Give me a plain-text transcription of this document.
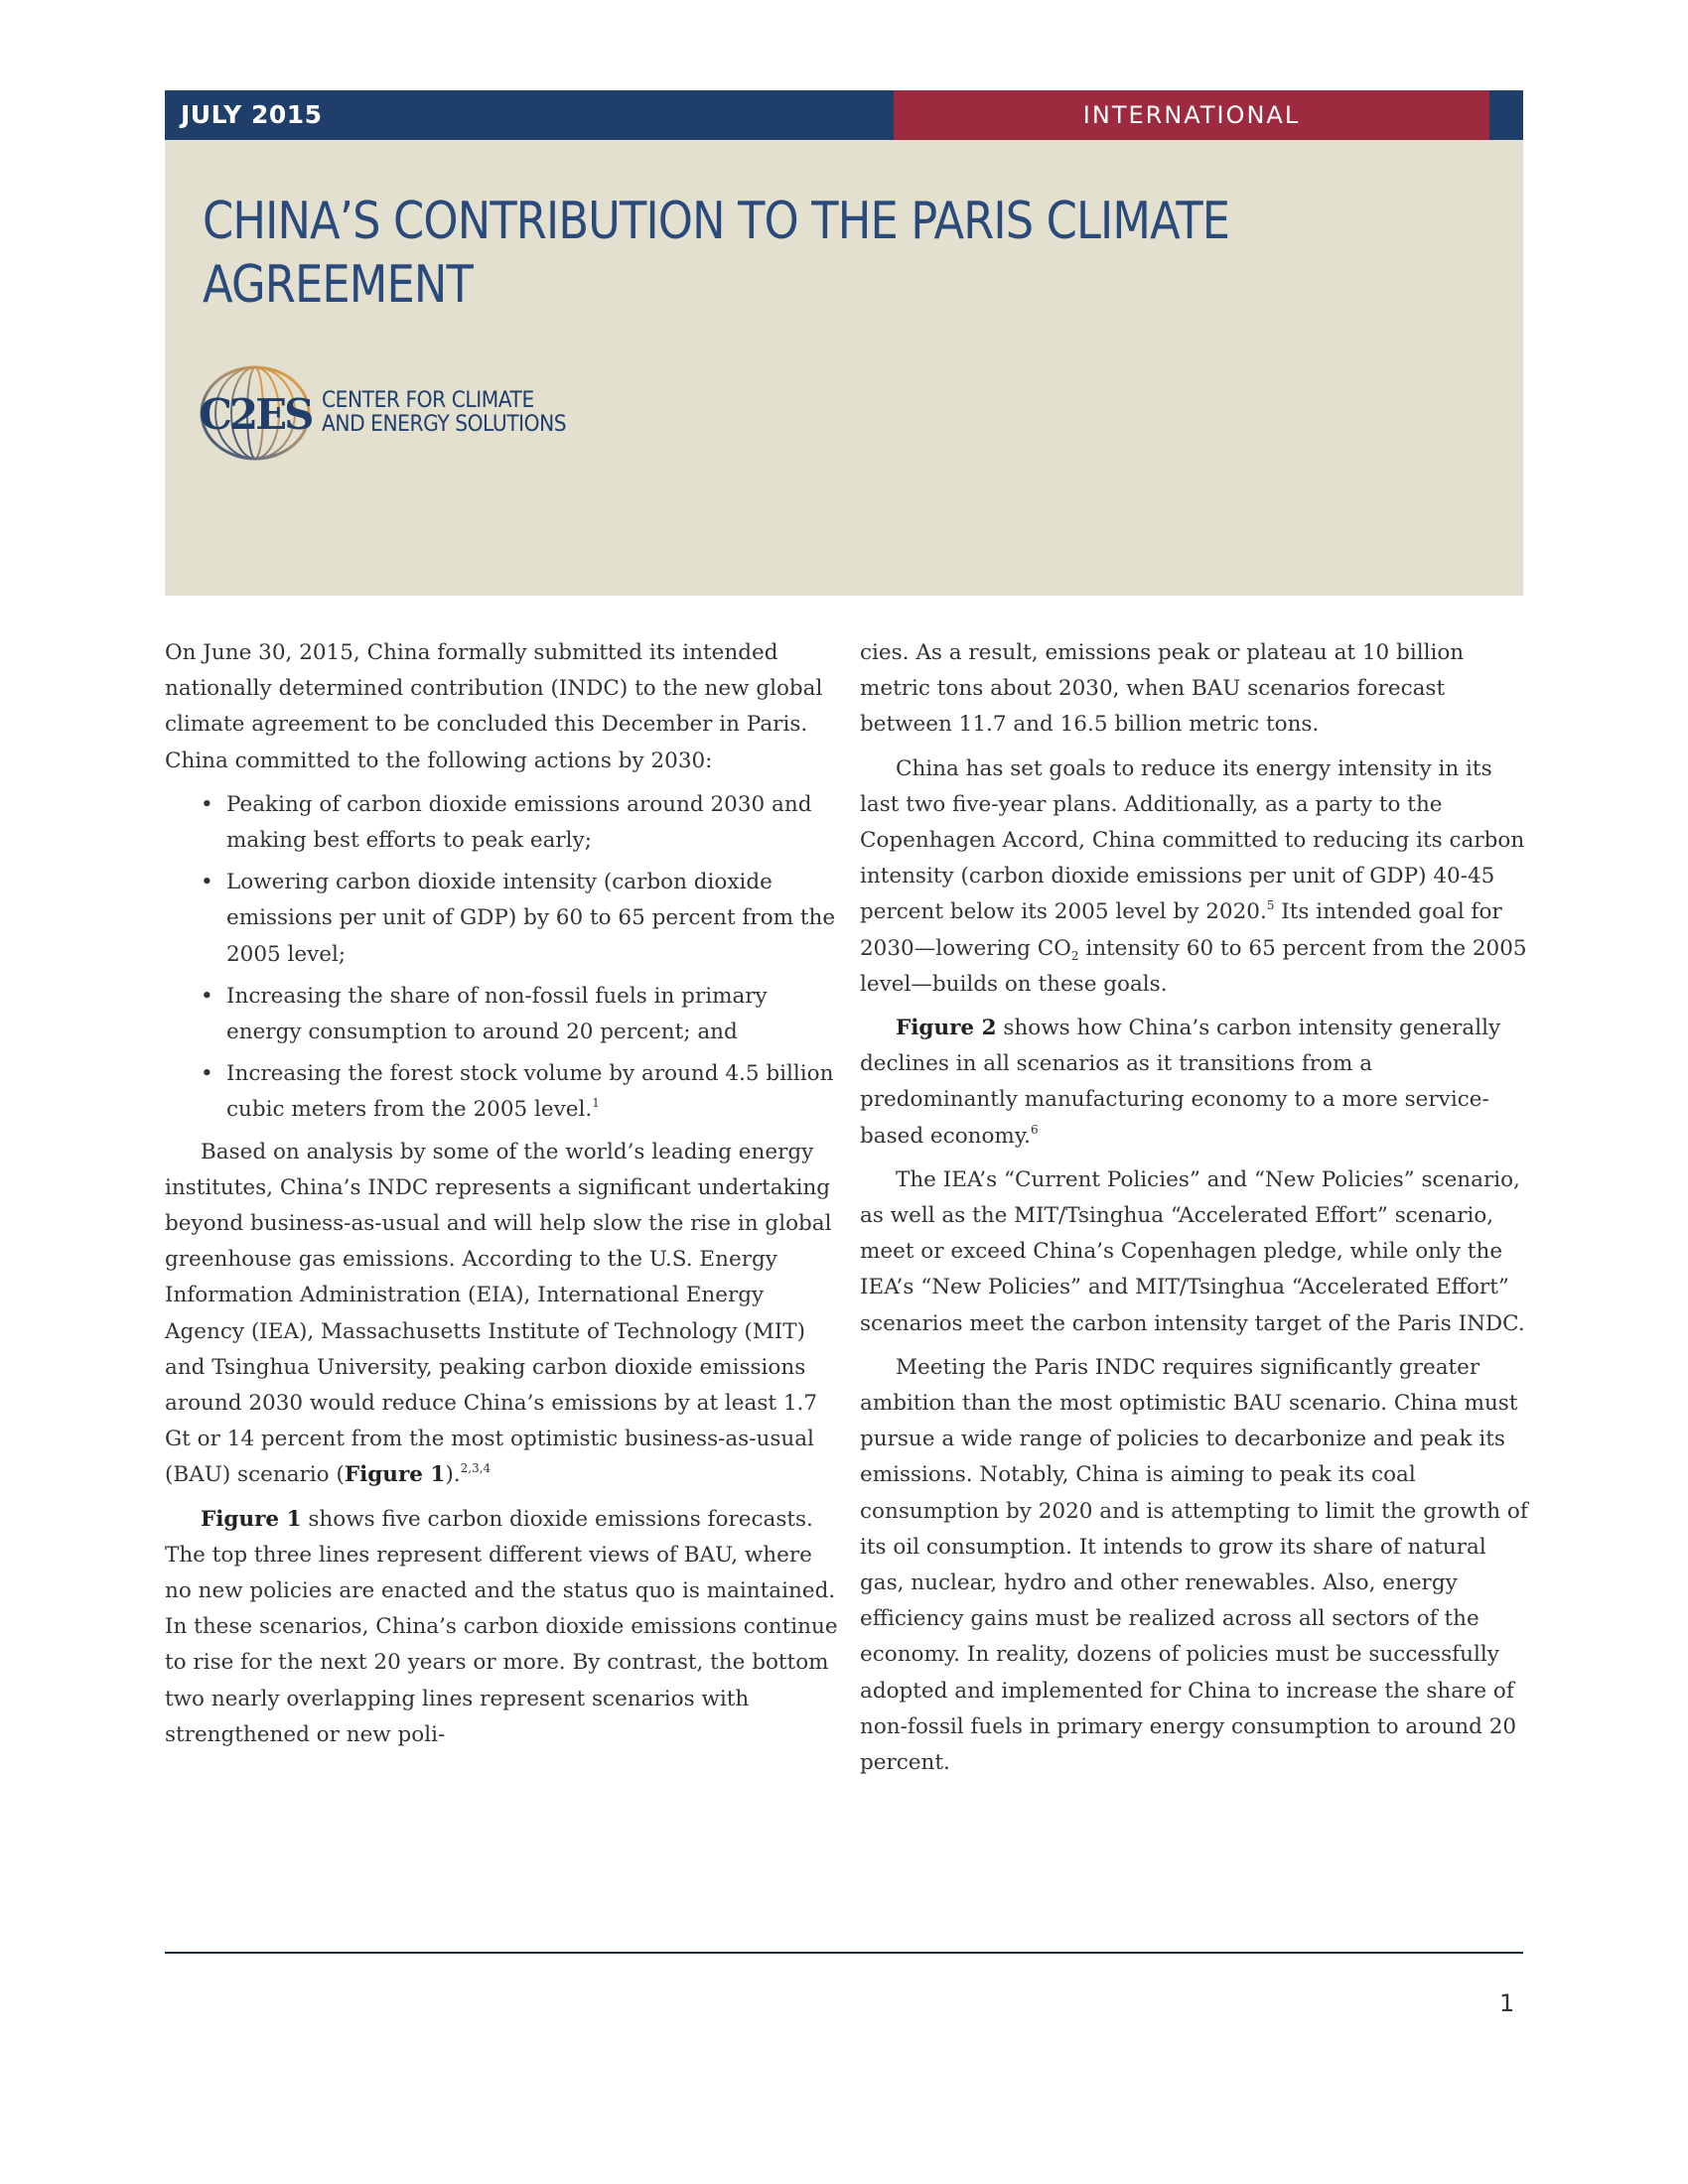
JULY 2015	INTERNATIONAL
CHINA’S CONTRIBUTION TO THE PARIS CLIMATE AGREEMENT
C2ES CENTER FOR CLIMATE
AND ENERGY SOLUTIONS

On June 30, 2015, China formally submitted its intended nationally determined contribution (INDC) to the new global climate agreement to be concluded this December in Paris. China committed to the following actions by 2030:

• Peaking of carbon dioxide emissions around 2030 and making best efforts to peak early;
• Lowering carbon dioxide intensity (carbon dioxide emissions per unit of GDP) by 60 to 65 percent from the 2005 level;
• Increasing the share of non-fossil fuels in primary energy consumption to around 20 percent; and
• Increasing the forest stock volume by around 4.5 billion cubic meters from the 2005 level.$^1$

Based on analysis by some of the world’s leading energy institutes, China’s INDC represents a significant undertaking beyond business-as-usual and will help slow the rise in global greenhouse gas emissions. According to the U.S. Energy Information Administration (EIA), International Energy Agency (IEA), Massachusetts Institute of Technology (MIT) and Tsinghua University, peaking carbon dioxide emissions around 2030 would reduce China’s emissions by at least 1.7 Gt or 14 percent from the most optimistic business-as-usual (BAU) scenario (Figure 1).$^{2,3,4}$

Figure 1 shows five carbon dioxide emissions forecasts. The top three lines represent different views of BAU, where no new policies are enacted and the status quo is maintained. In these scenarios, China’s carbon dioxide emissions continue to rise for the next 20 years or more. By contrast, the bottom two nearly overlapping lines represent scenarios with strengthened or new poli-

cies. As a result, emissions peak or plateau at 10 billion metric tons about 2030, when BAU scenarios forecast between 11.7 and 16.5 billion metric tons.

China has set goals to reduce its energy intensity in its last two five-year plans. Additionally, as a party to the Copenhagen Accord, China committed to reducing its carbon intensity (carbon dioxide emissions per unit of GDP) 40-45 percent below its 2005 level by 2020.$^5$ Its intended goal for 2030—lowering $CO_2$ intensity 60 to 65 percent from the 2005 level—builds on these goals.

Figure 2 shows how China’s carbon intensity generally declines in all scenarios as it transitions from a predominantly manufacturing economy to a more service-based economy.$^6$

The IEA’s “Current Policies” and “New Policies” scenario, as well as the MIT/Tsinghua “Accelerated Effort” scenario, meet or exceed China’s Copenhagen pledge, while only the IEA’s “New Policies” and MIT/Tsinghua “Accelerated Effort” scenarios meet the carbon intensity target of the Paris INDC.

Meeting the Paris INDC requires significantly greater ambition than the most optimistic BAU scenario. China must pursue a wide range of policies to decarbonize and peak its emissions. Notably, China is aiming to peak its coal consumption by 2020 and is attempting to limit the growth of its oil consumption. It intends to grow its share of natural gas, nuclear, hydro and other renewables. Also, energy efficiency gains must be realized across all sectors of the economy. In reality, dozens of policies must be successfully adopted and implemented for China to increase the share of non-fossil fuels in primary energy consumption to around 20 percent.

1
